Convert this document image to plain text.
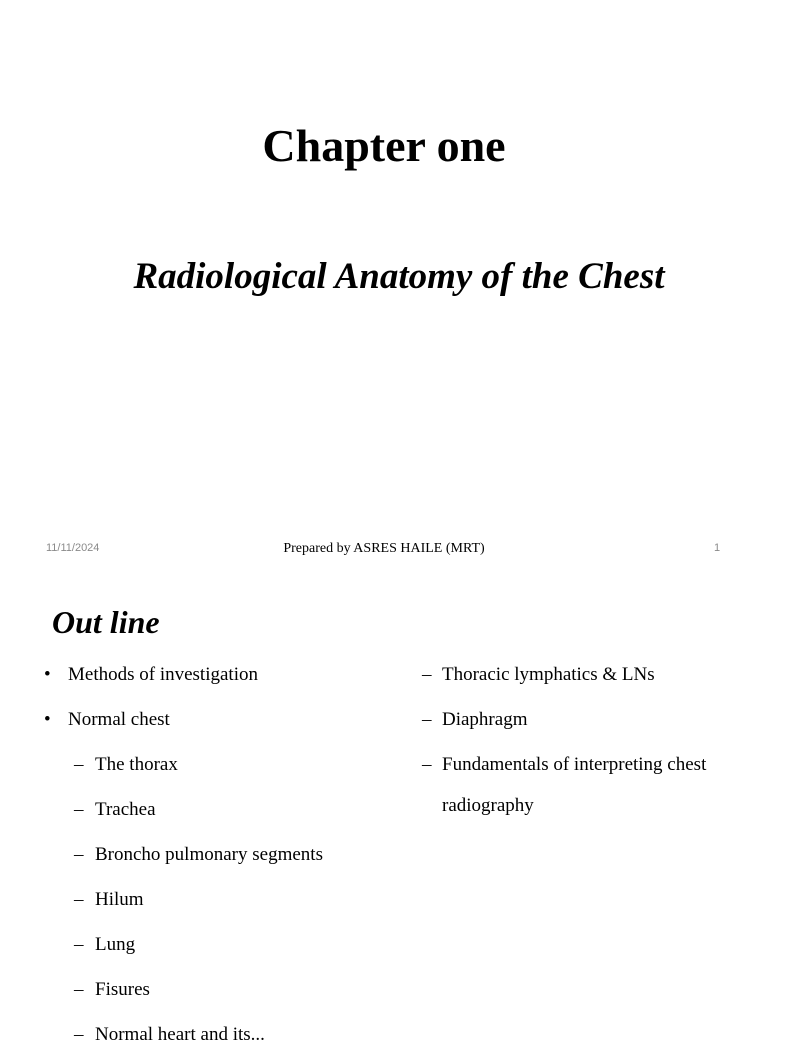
Chapter one
Radiological Anatomy of the Chest
11/11/2024	Prepared by ASRES HAILE (MRT)	1
Out line
• Methods of investigation
• Normal chest
– The thorax
– Trachea
– Broncho pulmonary segments
– Hilum
– Lung
– Fisures
– Normal heart and its...
– Thoracic lymphatics & LNs
– Diaphragm
– Fundamentals of interpreting chest radiography
